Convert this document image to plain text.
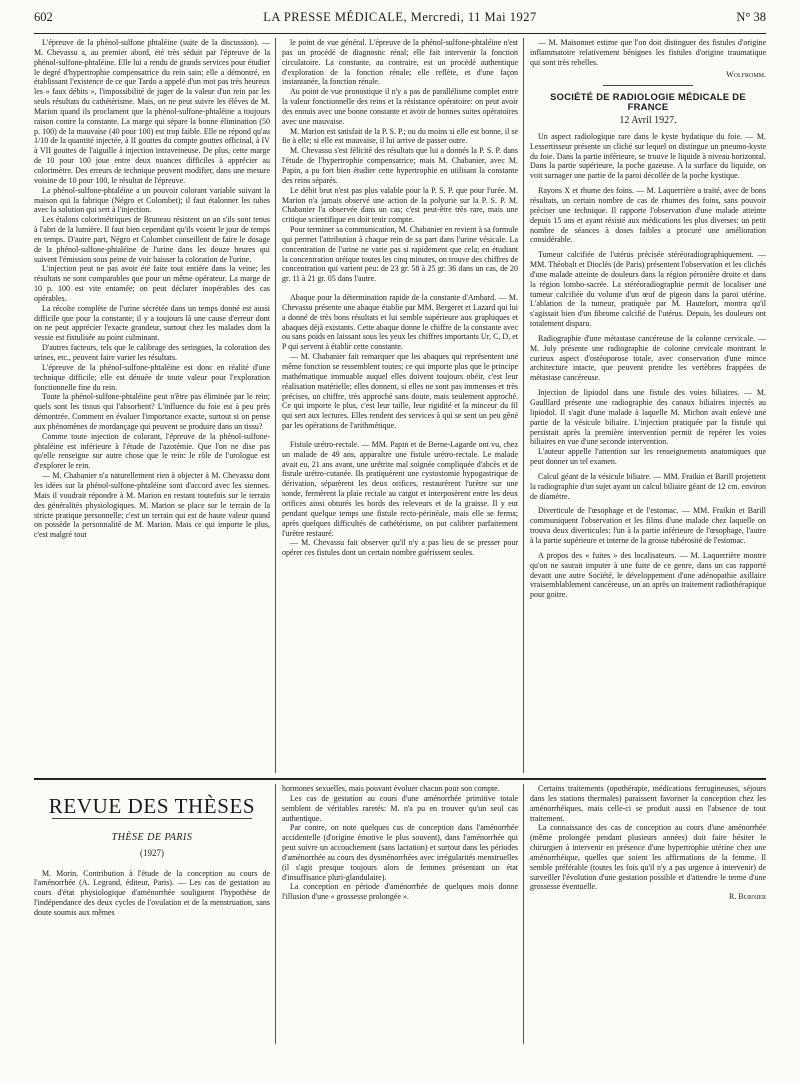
602	LA PRESSE MÉDICALE, Mercredi, 11 Mai 1927	N° 38

L'épreuve de la phénol-sulfone phtaléine (suite de la discussion). — M. Chevassu a, au premier abord, été très séduit par l'épreuve de la phénol-sulfone-phtaléine. Elle lui a rendu de grands services pour étudier le degré d'hypertrophie compensatrice du rein sain; elle a démontré, en établissant l'existence de ce que Tardo a appelé d'un mot pas très heureux les « faux débits », l'impossibilité de juger de la valeur d'un rein par les seuls résultats du cathétérisme. Mais, on ne peut suivre les élèves de M. Marion quand ils proclament que la phénol-sulfone-phtaléine a toujours raison contre la constante. La marge qui sépare la bonne élimination (50 p. 100) de la mauvaise (40 pour 100) est trop faible. Elle ne répond qu'au 1/10 de la quantité injectée, à II gouttes du compte gouttes officinal, à IV à VII gouttes de l'aiguille à injection intraveineuse. De plus, cette marge de 10 pour 100 joue entre deux nuances difficiles à apprécier au colorimètre. Des erreurs de technique peuvent modifier, dans une mesure voisine de 10 pour 100, le résultat de l'épreuve.

La phénol-sulfone-phtaléine a un pouvoir colorant variable suivant la maison qui la fabrique (Négro et Colombet); il faut étalonner les tubes avec la solution qui sert à l'injection.

Les étalons colorimétriques de Bruneau résistent un an s'ils sont tenus à l'abri de la lumière. Il faut bien cependant qu'ils voient le jour de temps en temps. D'autre part, Négro et Colombet conseillent de faire le dosage de la phénol-sulfone-phtaléine de l'urine dans les douze heures qui suivent l'émission sous peine de voir baisser la coloration de l'urine.

L'injection peut ne pas avoir été faite tout entière dans la veine; les résultats ne sont comparables que pour un même opérateur. La marge de 10 p. 100 est vite entamée; on peut déclarer inopérables des cas opérables.

La récolte complète de l'urine sécrétée dans un temps donné est aussi difficile que pour la constante; il y a toujours là une cause d'erreur dont on ne peut apprécier l'exacte grandeur, surtout chez les malades dont la vessie est fistulisée au point culminant.

D'autres facteurs, tels que le calibrage des seringues, la coloration des urines, etc., peuvent faire varier les résultats.

L'épreuve de la phénol-sulfone-phtaléine est donc en réalité d'une technique difficile; elle est dénuée de toute valeur pour l'exploration fonctionnelle fine du rein.

Toute la phénol-sulfone-phtaléine peut n'être pas éliminée par le rein; quels sont les tissus qui l'absorbent? L'influence du foie est à peu près démontrée. Comment en évaluer l'importance exacte, surtout si on pense aux phénomènes de mordançage qui peuvent se produire dans un tissu?

Comme toute injection de colorant, l'épreuve de la phénol-sulfone-phtaléine est inférieure à l'étude de l'azotémie. Que l'on ne dise pas qu'elle renseigne sur autre chose que le rein: le rôle de l'urologue est d'explorer le rein.

— M. Chabanier n'a naturellement rien à objecter à M. Chevassu dont les idées sur la phénol-sulfone-phtaléine sont d'accord avec les siennes. Mais il voudrait répondre à M. Marion en restant toutefois sur le terrain des généralités physiologiques. M. Marion se place sur le terrain de la stricte pratique personnelle; c'est un terrain qui est de haute valeur quand on possède la personnalité de M. Marion. Mais ce qui importe le plus, c'est malgré tout

le point de vue général. L'épreuve de la phénol-sulfone-phtaléine n'est pas un procédé de diagnostic rénal; elle fait intervenir la fonction circulatoire. La constante, au contraire, est un procédé authentique d'exploration de la fonction rénale; elle reflète, et d'une façon instantanée, la fonction rénale.

Au point de vue pronostique il n'y a pas de parallélisme complet entre la valeur fonctionnelle des reins et la résistance opératoire: on peut avoir des ennuis avec une bonne constante et avoir de bonnes suites opératoires avec une mauvaise.

M. Marion est satisfait de la P. S. P.; ou du moins si elle est bonne, il se fie à elle; si elle est mauvaise, il lui arrive de passer outre.

M. Chevassu s'est félicité des résultats que lui a donnés la P. S. P. dans l'étude de l'hypertrophie compensatrice; mais M. Chabanier, avec M. Papin, a pu fort bien étudier cette hypertrophie en utilisant la constante des reins séparés.

Le débit brut n'est pas plus valable pour la P. S. P. que pour l'urée. M. Marion n'a jamais observé une action de la polyurie sur la P. S. P. M. Chabanier l'a observée dans un cas; c'est peut-être très rare, mais une critique scientifique en doit tenir compte.

Pour terminer sa communication, M. Chabanier en revient à sa formule qui permet l'attribution à chaque rein de sa part dans l'urine vésicale. La concentration de l'urine ne varie pas si rapidement que cela; en étudiant la concentration uréique toutes les cinq minutes, on trouve des chiffres de concentration qui varient peu: de 23 gr. 58 à 25 gr. 36 dans un cas, de 20 gr. 11 à 21 gr. 05 dans l'autre.

Abaque pour la détermination rapide de la constante d'Ambard. — M. Chevassu présente une abaque établie par MM. Bergeret et Lazard qui lui a donné de très bons résultats et lui semble supérieure aux graphiques et abaques déjà existants. Cette abaque donne le chiffre de la constante avec ou sans poids en laissant sous les yeux les chiffres importants Ur, C, D, et P qui servent à établir cette constante.

— M. Chabanier fait remarquer que les abaques qui représentent une même fonction se ressemblent toutes; ce qui importe plus que le principe mathématique immuable auquel elles doivent toujours obéir, c'est leur réalisation matérielle; elles donnent, si elles ne sont pas immenses et très précises, un chiffre, très approché sans doute, mais seulement approché. Ce qui importe le plus, c'est leur taille, leur rigidité et la minceur du fil qui sert aux lectures. Elles rendent des services à qui se sent un peu gêné par les opérations de l'arithmétique.

Fistule urétro-rectale. — MM. Papin et de Berne-Lagarde ont vu, chez un malade de 49 ans, apparaître une fistule urétro-rectale. Le malade avait eu, 21 ans avant, une urétrite mal soignée compliquée d'abcès et de fistule urétro-cutanée. Ils pratiquèrent une cystostomie hypogastrique de dérivation, séparèrent les deux orifices, restaurèrent l'urètre sur une sonde, fermèrent la plaie rectale au catgut et interposèrent entre les deux orifices ainsi obturés les bords des releveurs et de la graisse. Il y eut pendant quelque temps une fistule recto-périnéale, mais elle se ferma; après quelques difficultés de cathétérisme, on put calibrer parfaitement l'urètre restauré.

— M. Chevassu fait observer qu'il n'y a pas lieu de se presser pour opérer ces fistules dont un certain nombre guérissent seules.

— M. Maisonnet estime que l'on doit distinguer des fistules d'origine inflammatoire relativement bénignes les fistules d'origine traumatique qui sont très rebelles.

Wolfromm.

SOCIÉTÉ DE RADIOLOGIE MÉDICALE DE FRANCE
12 Avril 1927.

Un aspect radiologique rare dans le kyste hydatique du foie. — M. Lessertisseur présente un cliché sur lequel on distingue un pneumo-kyste du foie. Dans la partie inférieure, se trouve le liquide à niveau horizontal. Dans la partie supérieure, la poche gazeuse. A la surface du liquide, on voit surnager une partie de la paroi décollée de la poche kystique.

Rayons X et rhume des foins. — M. Laquerrière a traité, avec de bons résultats, un certain nombre de cas de rhumes des foins, sans pouvoir préciser une technique. Il rapporte l'observation d'une malade atteinte depuis 15 ans et ayant résisté aux médications les plus diverses: un petit nombre de séances à doses faibles a procuré une amélioration considérable.

Tumeur calcifiée de l'utérus précisée stéréoradiographiquement. — MM. Théobalt et Dioclès (de Paris) présentent l'observation et les clichés d'une malade atteinte de douleurs dans la région péronière droite et dans la région lombo-sacrée. La stéréoradiographie permit de localiser une tumeur calcifiée du volume d'un œuf de pigeon dans la paroi utérine. L'ablation de la tumeur, pratiquée par M. Hautefort, montra qu'il s'agissait bien d'un fibrome calcifié de l'utérus. Depuis, les douleurs ont totalement disparu.

Radiographie d'une métastase cancéreuse de la colonne cervicale. — M. Joly présente une radiographie de colonne cervicale montrant le curieux aspect d'ostéoporose totale, avec conservation d'une mince architecture intacte, que peuvent prendre les vertèbres frappées de métastase cancéreuse.

Injection de lipiodol dans une fistule des voies biliaires. — M. Gaulllard présente une radiographie des canaux biliaires injectés au lipiodol. Il s'agit d'une malade à laquelle M. Michon avait enlevé une partie de la vésicule biliaire. L'injection pratiquée par la fistule qui persistait après la première intervention permit de repérer les voies biliaires en vue d'une seconde intervention.

L'auteur appelle l'attention sur les renseignements anatomiques que peut donner un tel examen.

Calcul géant de la vésicule biliaire. — MM. Fraikin et Barill projettent la radiographie d'un sujet ayant un calcul biliaire géant de 12 cm. environ de diamètre.

Diverticule de l'œsophage et de l'estomac. — MM. Fraikin et Barill communiquent l'observation et les films d'une malade chez laquelle on trouva deux diverticules: l'un à la partie inférieure de l'œsophage, l'autre à la partie supérieure et interne de la grosse tubérosité de l'estomac.

A propos des « fuites » des localisateurs. — M. Laquerrière montre qu'on ne saurait imputer à une fuite de ce genre, dans un cas rapporté devant une autre Société, le développement d'une adénopathie axillaire vraisemblablement cancéreuse, un an après un traitement radiothérapique pour goitre.

REVUE DES THÈSES
THÈSE DE PARIS
(1927)

M. Morin. Contribution à l'étude de la conception au cours de l'aménorrhée (A. Legrand, éditeur, Paris). — Les cas de gestation au cours d'état physiologique d'aménorrhée soulignent l'hypothèse de l'indépendance des deux cycles de l'ovulation et de la menstruation, sans doute soumis aux mêmes

hormones sexuelles, mais pouvant évoluer chacun pour son compte.

Les cas de gestation au cours d'une aménorrhée primitive totale semblent de véritables raretés: M. n'a pu en trouver qu'un seul cas authentique.

Par contre, on note quelques cas de conception dans l'aménorrhée accidentelle (d'origine émotive le plus souvent), dans l'aménorrhée qui peut suivre un accouchement (sans lactation) et surtout dans les périodes d'aménorrhée au cours des dysménorrhées avec irrégularités menstruelles (il s'agit presque toujours alors de femmes présentant un état d'insuffisance pluri-glandulaire).

La conception en période d'aménorrhée de quelques mois donne l'illusion d'une « grossesse prolongée ».

Certains traitements (opothérapie, médications ferrugineuses, séjours dans les stations thermales) paraissent favoriser la conception chez les aménorrhéiques, mais celle-ci se produit aussi en l'absence de tout traitement.

La connaissance des cas de conception au cours d'une aménorrhée (même prolongée pendant plusieurs années) doit faire hésiter le chirurgien à intervenir en présence d'une hypertrophie utérine chez une aménorrhéique, quelles que soient les affirmations de la femme. Il semble préférable (toutes les fois qu'il n'y a pas urgence à intervenir) de surveiller l'évolution d'une gestation possible et d'attendre le terme d'une grossesse éventuelle.

R. Burnier
